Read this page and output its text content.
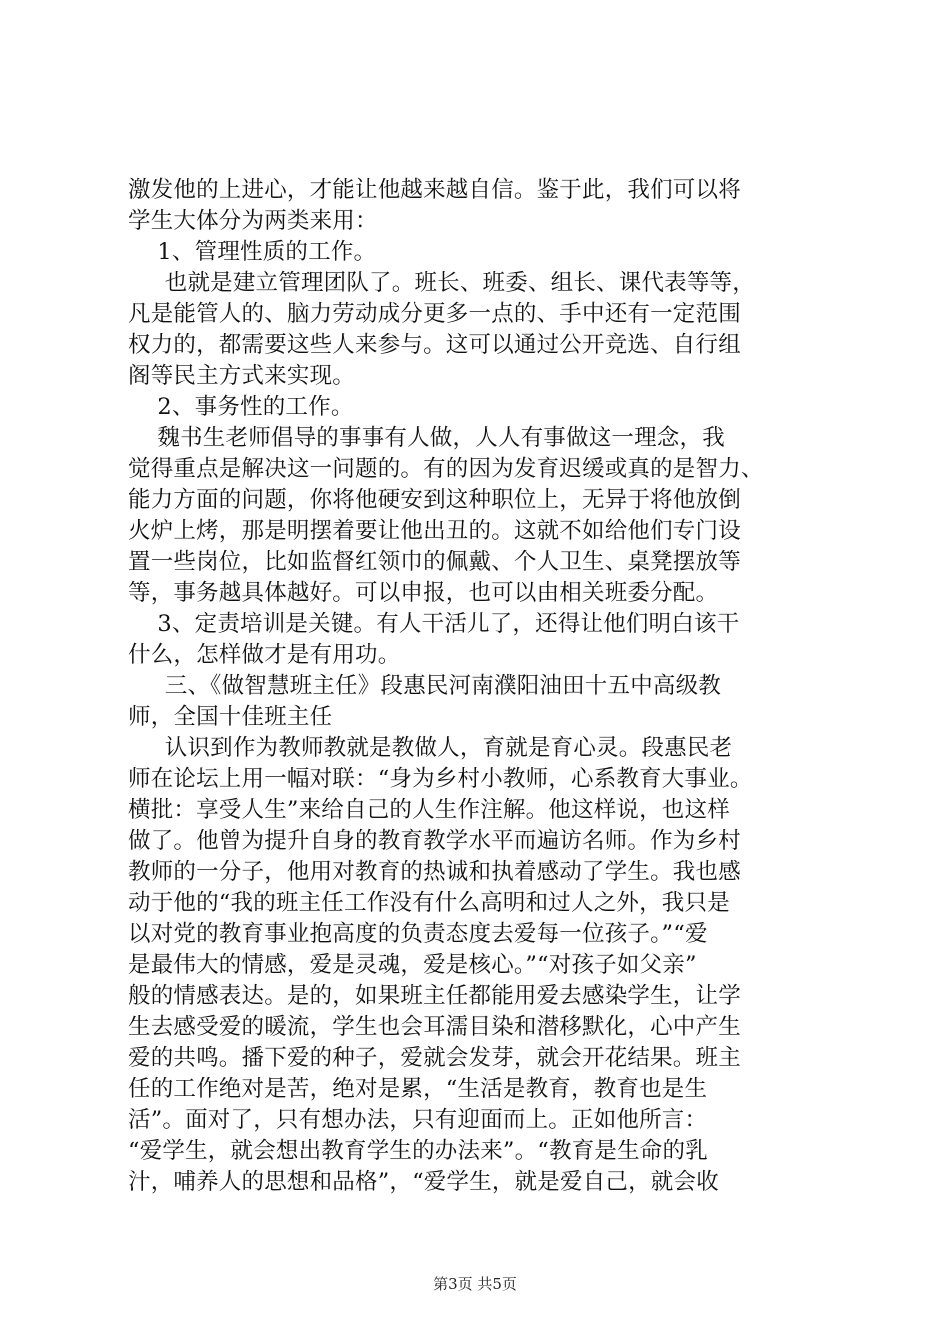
激发他的上进心，才能让他越来越自信。鉴于此，我们可以将
学生大体分为两类来用：
1、管理性质的工作。
也就是建立管理团队了。班长、班委、组长、课代表等等，
凡是能管人的、脑力劳动成分更多一点的、手中还有一定范围
权力的，都需要这些人来参与。这可以通过公开竞选、自行组
阁等民主方式来实现。
2、事务性的工作。
魏书生老师倡导的事事有人做，人人有事做这一理念，我
觉得重点是解决这一问题的。有的因为发育迟缓或真的是智力、
能力方面的问题，你将他硬安到这种职位上，无异于将他放倒
火炉上烤，那是明摆着要让他出丑的。这就不如给他们专门设
置一些岗位，比如监督红领巾的佩戴、个人卫生、桌凳摆放等
等，事务越具体越好。可以申报，也可以由相关班委分配。
3、定责培训是关键。有人干活儿了，还得让他们明白该干
什么，怎样做才是有用功。
三、《做智慧班主任》段惠民河南濮阳油田十五中高级教
师，全国十佳班主任
认识到作为教师教就是教做人，育就是育心灵。段惠民老
师在论坛上用一幅对联：“身为乡村小教师，心系教育大事业。
横批：享受人生”来给自己的人生作注解。他这样说，也这样
做了。他曾为提升自身的教育教学水平而遍访名师。作为乡村
教师的一分子，他用对教育的热诚和执着感动了学生。我也感
动于他的“我的班主任工作没有什么高明和过人之外，我只是
以对党的教育事业抱高度的负责态度去爱每一位孩子。”“爱
是最伟大的情感，爱是灵魂，爱是核心。”“对孩子如父亲”
般的情感表达。是的，如果班主任都能用爱去感染学生，让学
生去感受爱的暖流，学生也会耳濡目染和潜移默化，心中产生
爱的共鸣。播下爱的种子，爱就会发芽，就会开花结果。班主
任的工作绝对是苦，绝对是累，“生活是教育，教育也是生
活”。面对了，只有想办法，只有迎面而上。正如他所言：
“爱学生，就会想出教育学生的办法来”。“教育是生命的乳
汁，哺养人的思想和品格”，“爱学生，就是爱自己，就会收
第3页 共5页
